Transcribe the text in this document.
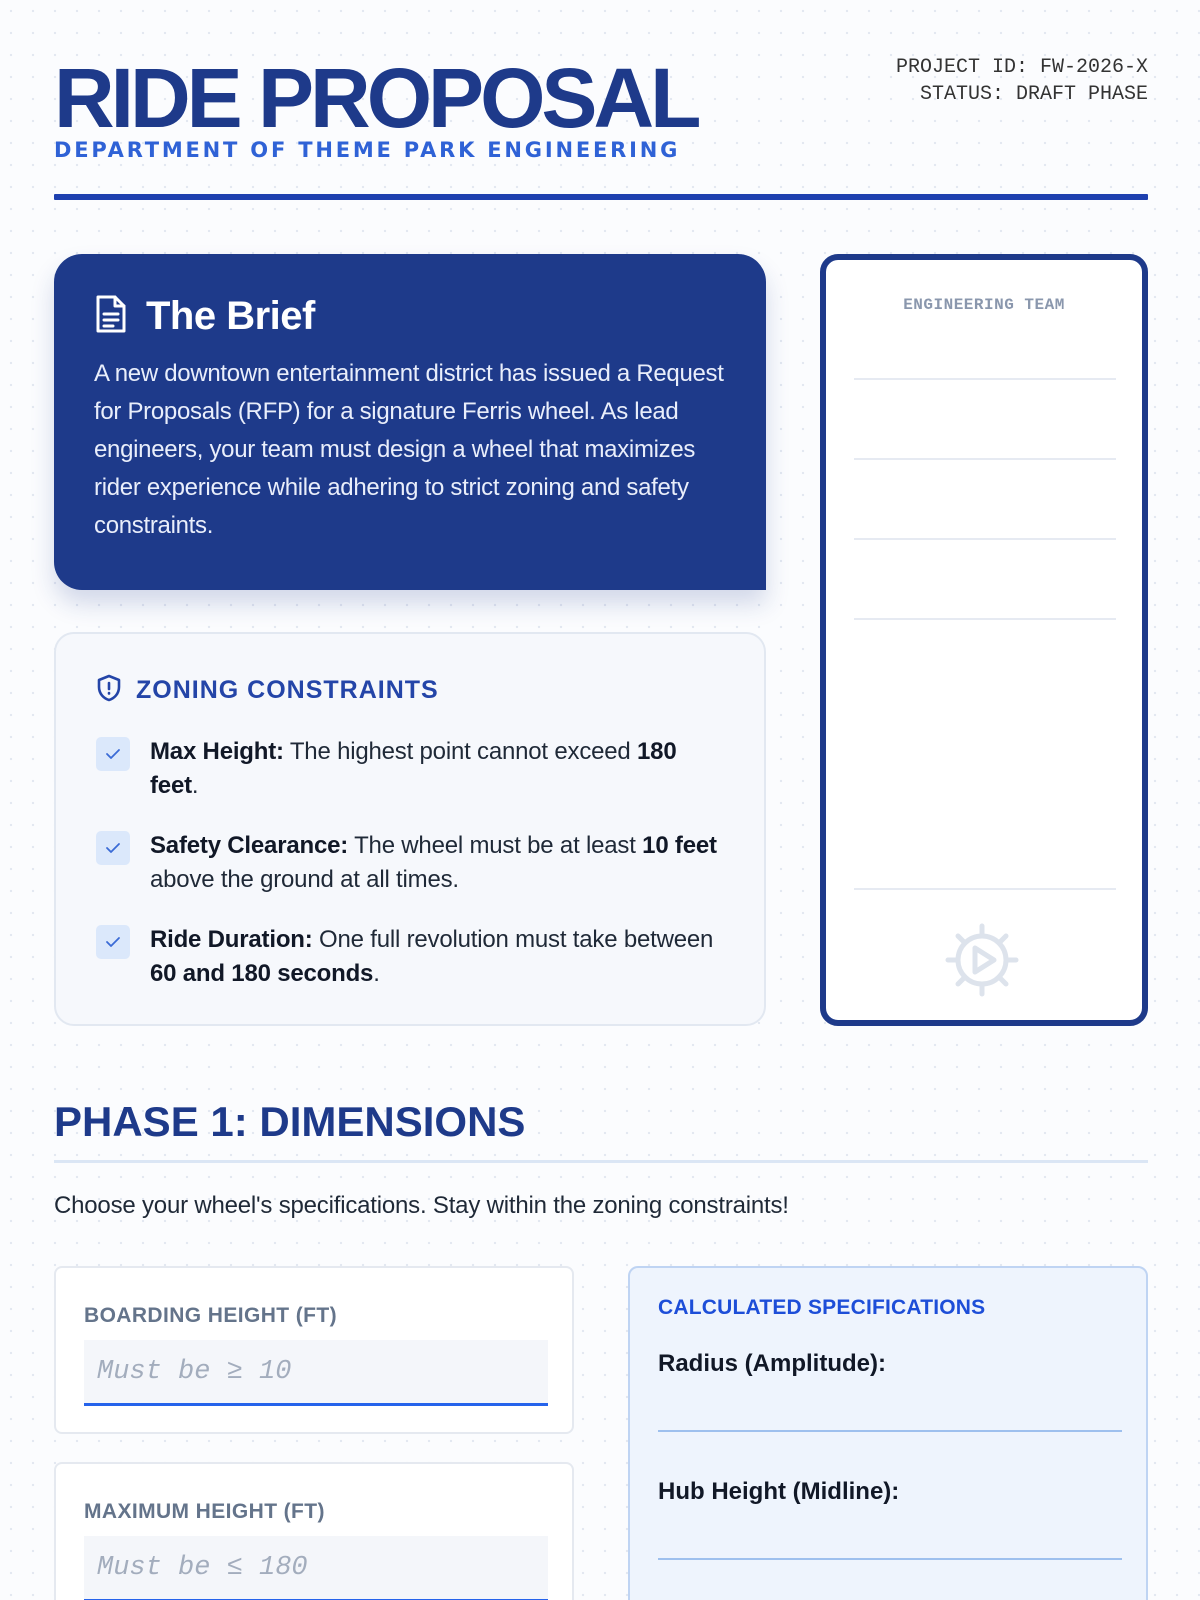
RIDE PROPOSAL
DEPARTMENT OF THEME PARK ENGINEERING
PROJECT ID: FW-2026-X
STATUS: DRAFT PHASE
The Brief

A new downtown entertainment district has issued a Request for Proposals (RFP) for a signature Ferris wheel. As lead engineers, your team must design a wheel that maximizes rider experience while adhering to strict zoning and safety constraints.

ZONING CONSTRAINTS
Max Height: The highest point cannot exceed 180 feet.
Safety Clearance: The wheel must be at least 10 feet above the ground at all times.
Ride Duration: One full revolution must take between 60 and 180 seconds.
ENGINEERING TEAM
PHASE 1: DIMENSIONS
Choose your wheel's specifications. Stay within the zoning constraints!
BOARDING HEIGHT (FT)
Must be ≥ 10
MAXIMUM HEIGHT (FT)
Must be ≤ 180
CALCULATED SPECIFICATIONS
Radius (Amplitude):
Hub Height (Midline):
